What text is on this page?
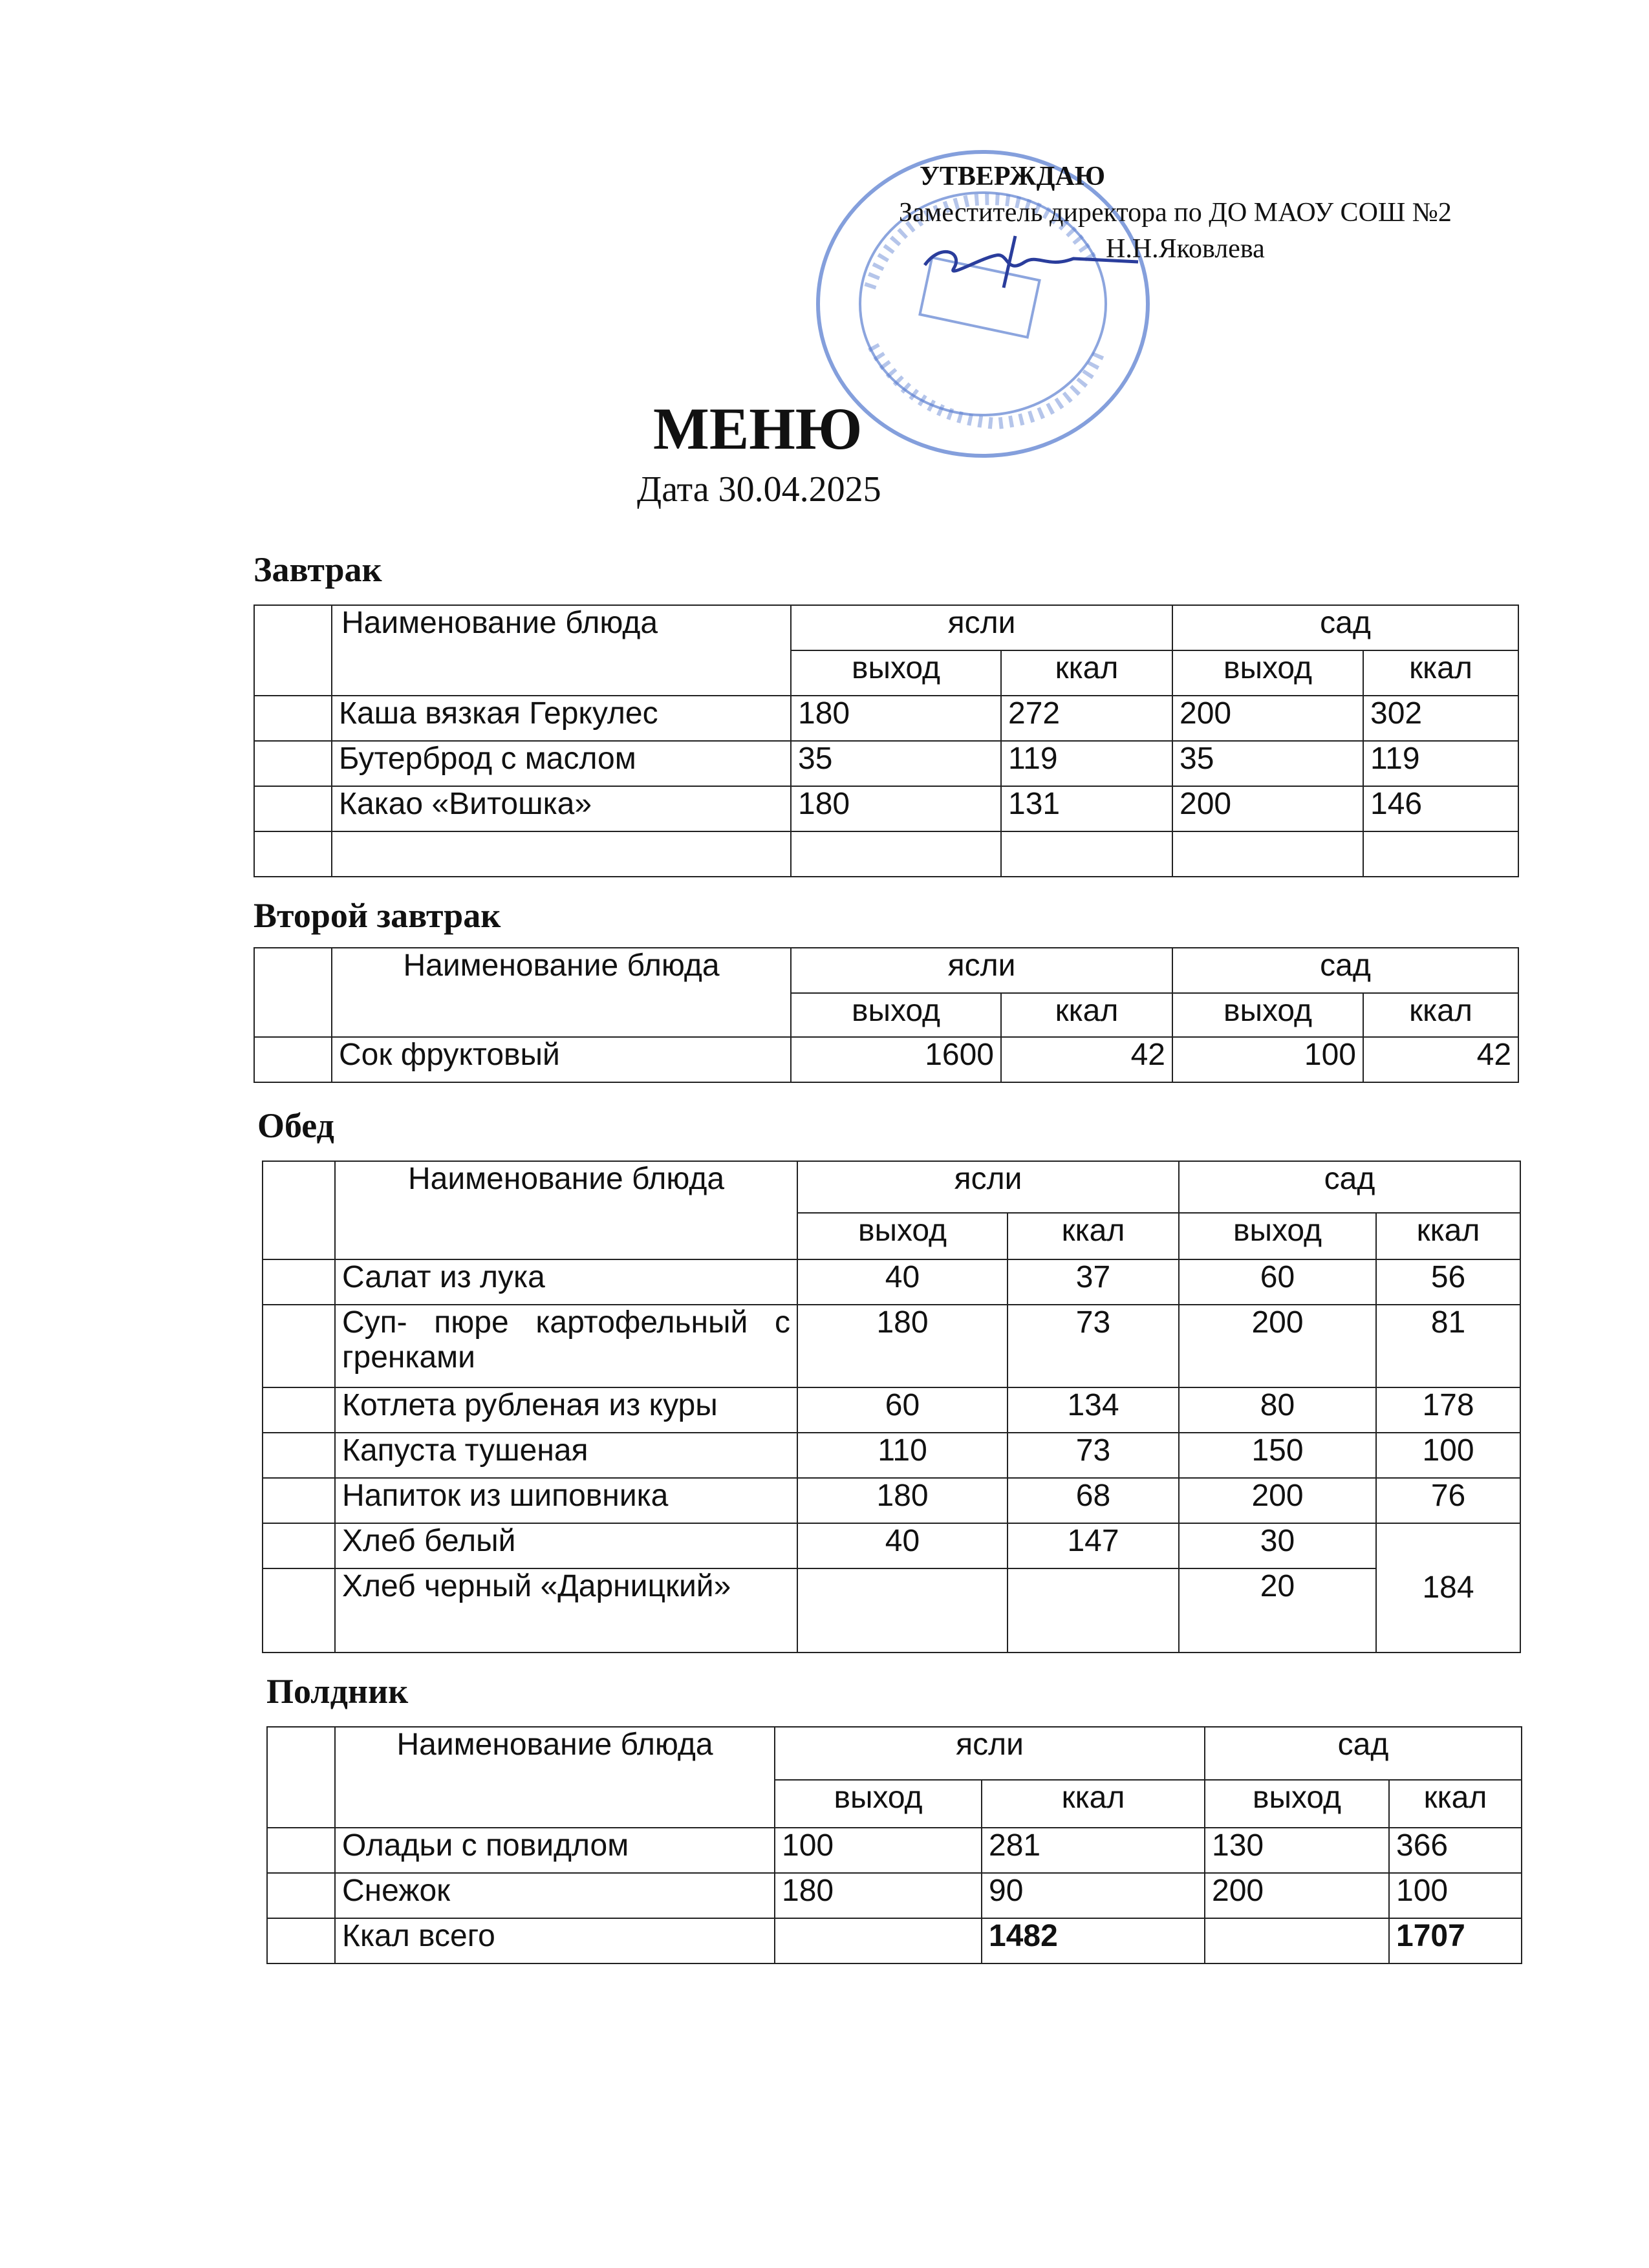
УТВЕРЖДАЮ
Заместитель директора по ДО МАОУ СОШ №2
Н.Н.Яковлева
МЕНЮ
Дата 30.04.2025
Завтрак
	Наименование блюда	ясли		сад	
		выход	ккал	выход	ккал
	Каша вязкая Геркулес	180	272	200	302
	Бутерброд с маслом	35	119	35	119
	Какао «Витошка»	180	131	200	146

Второй завтрак
	Наименование блюда	ясли		сад	
		выход	ккал	выход	ккал
	Сок фруктовый	1600	42	100	42
Обед
	Наименование блюда	ясли		сад	
		выход	ккал	выход	ккал
	Салат из лука	40	37	60	56
	Суп- пюре картофельный с гренками	180	73	200	81
	Котлета рубленая из куры	60	134	80	178
	Капуста тушеная	110	73	150	100
	Напиток из шиповника	180	68	200	76
	Хлеб белый	40	147	30	184
	Хлеб черный «Дарницкий»			20	
Полдник
	Наименование блюда	ясли		сад	
		выход	ккал	выход	ккал
	Оладьи с повидлом	100	281	130	366
	Снежок	180	90	200	100
	Ккал всего		1482		1707
